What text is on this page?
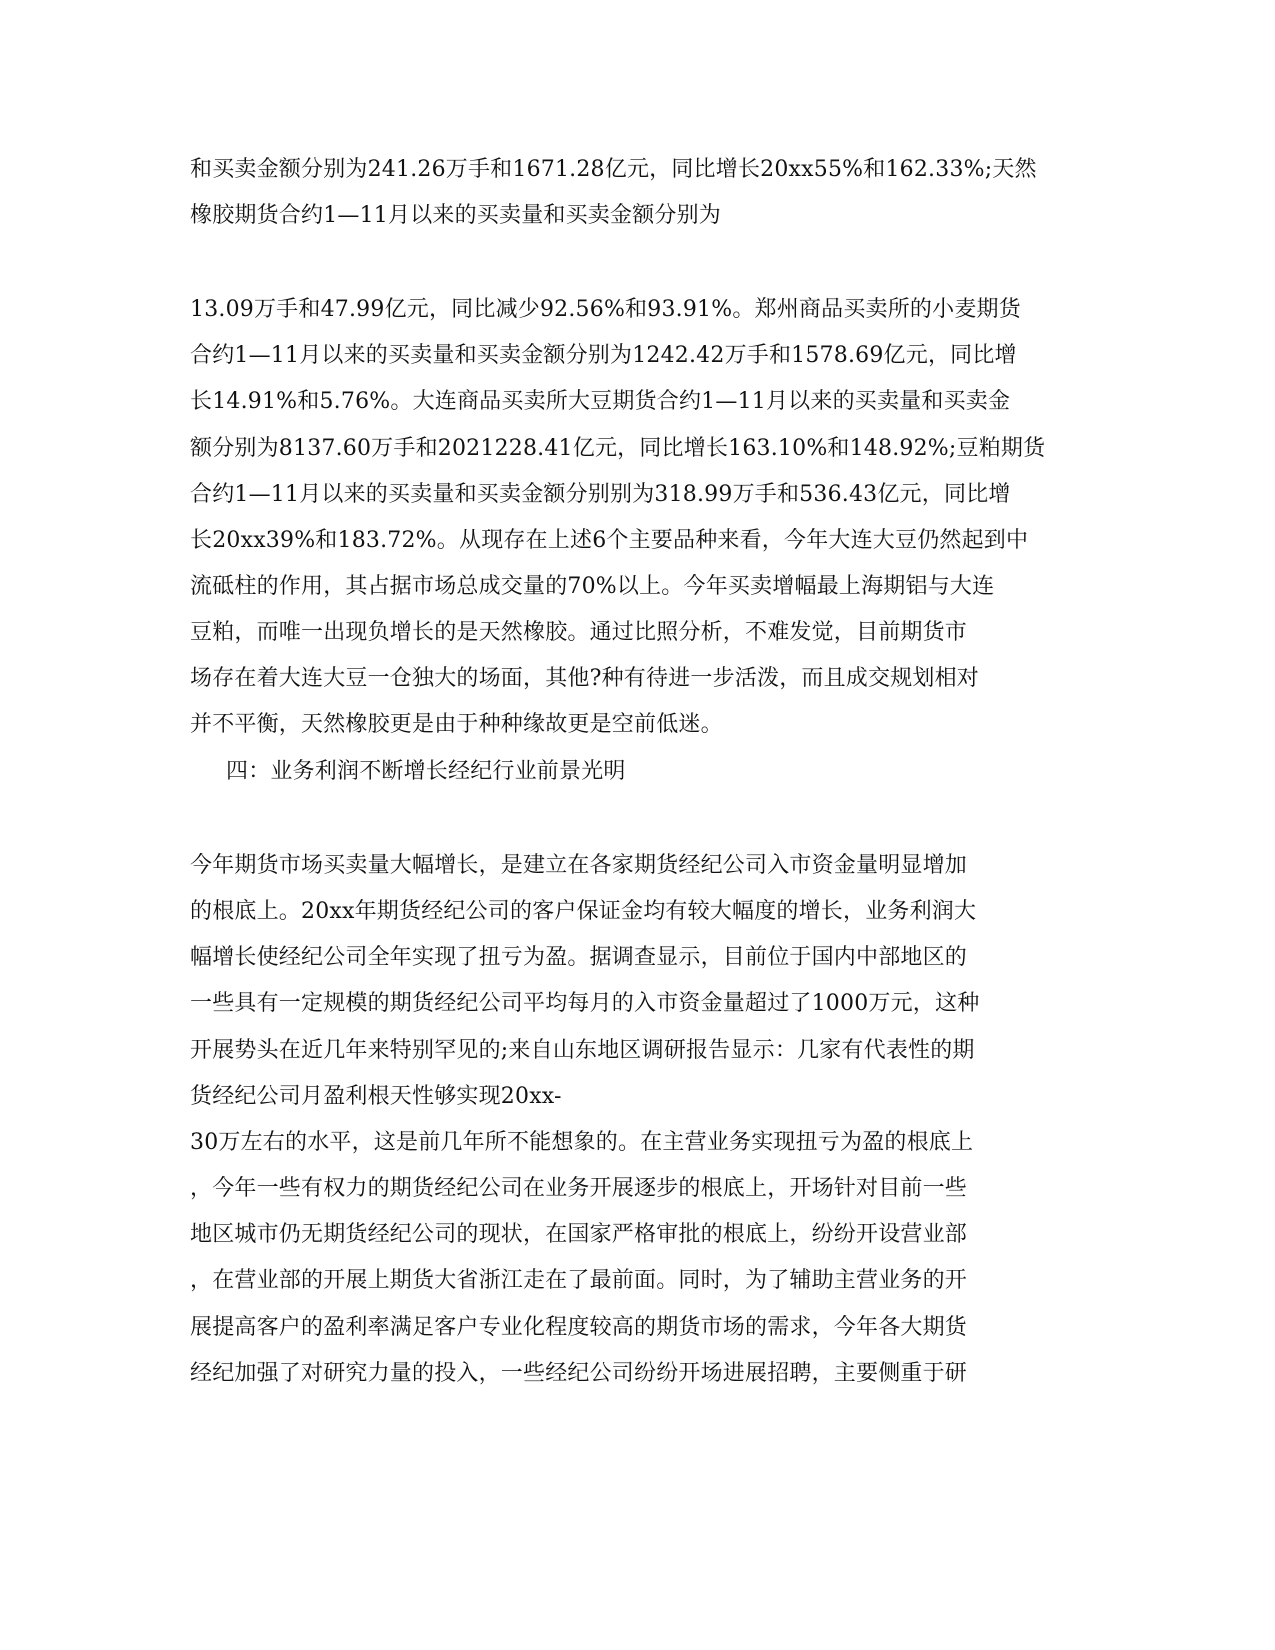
和买卖金额分别为241.26万手和1671.28亿元，同比增长20xx55%和162.33%;天然
橡胶期货合约1—11月以来的买卖量和买卖金额分别为
13.09万手和47.99亿元，同比减少92.56%和93.91%。郑州商品买卖所的小麦期货
合约1—11月以来的买卖量和买卖金额分别为1242.42万手和1578.69亿元，同比增
长14.91%和5.76%。大连商品买卖所大豆期货合约1—11月以来的买卖量和买卖金
额分别为8137.60万手和2021228.41亿元，同比增长163.10%和148.92%;豆粕期货
合约1—11月以来的买卖量和买卖金额分别别为318.99万手和536.43亿元，同比增
长20xx39%和183.72%。从现存在上述6个主要品种来看，今年大连大豆仍然起到中
流砥柱的作用，其占据市场总成交量的70%以上。今年买卖增幅最上海期铝与大连
豆粕，而唯一出现负增长的是天然橡胶。通过比照分析，不难发觉，目前期货市
场存在着大连大豆一仓独大的场面，其他?种有待进一步活泼，而且成交规划相对
并不平衡，天然橡胶更是由于种种缘故更是空前低迷。
四：业务利润不断增长经纪行业前景光明
今年期货市场买卖量大幅增长，是建立在各家期货经纪公司入市资金量明显增加
的根底上。20xx年期货经纪公司的客户保证金均有较大幅度的增长，业务利润大
幅增长使经纪公司全年实现了扭亏为盈。据调查显示，目前位于国内中部地区的
一些具有一定规模的期货经纪公司平均每月的入市资金量超过了1000万元，这种
开展势头在近几年来特别罕见的;来自山东地区调研报告显示：几家有代表性的期
货经纪公司月盈利根天性够实现20xx-
30万左右的水平，这是前几年所不能想象的。在主营业务实现扭亏为盈的根底上
，今年一些有权力的期货经纪公司在业务开展逐步的根底上，开场针对目前一些
地区城市仍无期货经纪公司的现状，在国家严格审批的根底上，纷纷开设营业部
，在营业部的开展上期货大省浙江走在了最前面。同时，为了辅助主营业务的开
展提高客户的盈利率满足客户专业化程度较高的期货市场的需求，今年各大期货
经纪加强了对研究力量的投入，一些经纪公司纷纷开场进展招聘，主要侧重于研
